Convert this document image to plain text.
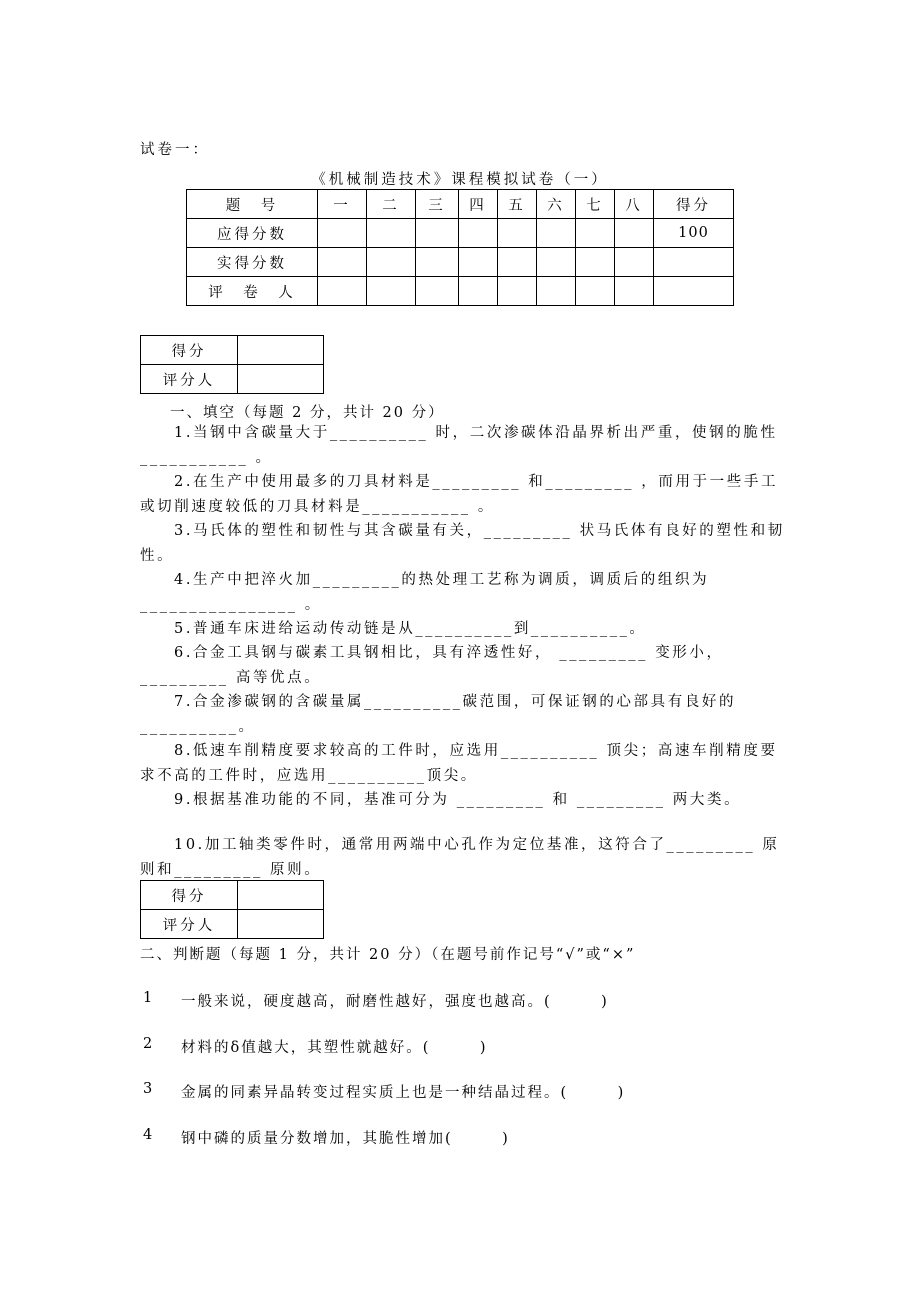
试卷一：
《机械制造技术》课程模拟试卷（一）
题　号	一	二	三	四	五	六	七	八	得分
应得分数									100
实得分数									
评　卷　人									
得分	
评分人	
一、填空（每题 2 分，共计 20 分）
1.当钢中含碳量大于__________ 时，二次渗碳体沿晶界析出严重，使钢的脆性___________ 。
2.在生产中使用最多的刀具材料是_________ 和_________ ，而用于一些手工或切削速度较低的刀具材料是___________ 。
3.马氏体的塑性和韧性与其含碳量有关，_________ 状马氏体有良好的塑性和韧性。
4.生产中把淬火加_________的热处理工艺称为调质，调质后的组织为________________ 。
5.普通车床进给运动传动链是从__________到__________。
6.合金工具钢与碳素工具钢相比，具有淬透性好， _________ 变形小， _________ 高等优点。
7.合金渗碳钢的含碳量属__________碳范围，可保证钢的心部具有良好的__________。
8.低速车削精度要求较高的工件时，应选用__________ 顶尖；高速车削精度要求不高的工件时，应选用__________顶尖。
9.根据基准功能的不同，基准可分为 _________ 和 _________ 两大类。
10.加工轴类零件时，通常用两端中心孔作为定位基准，这符合了_________ 原则和_________ 原则。
得分	
评分人	
二、判断题（每题 1 分，共计 20 分）（在题号前作记号“√”或“×”
1 一般来说，硬度越高，耐磨性越好，强度也越高。(　　　)
2 材料的δ值越大，其塑性就越好。(　　　)
3 金属的同素异晶转变过程实质上也是一种结晶过程。(　　　)
4 钢中磷的质量分数增加，其脆性增加(　　　)
